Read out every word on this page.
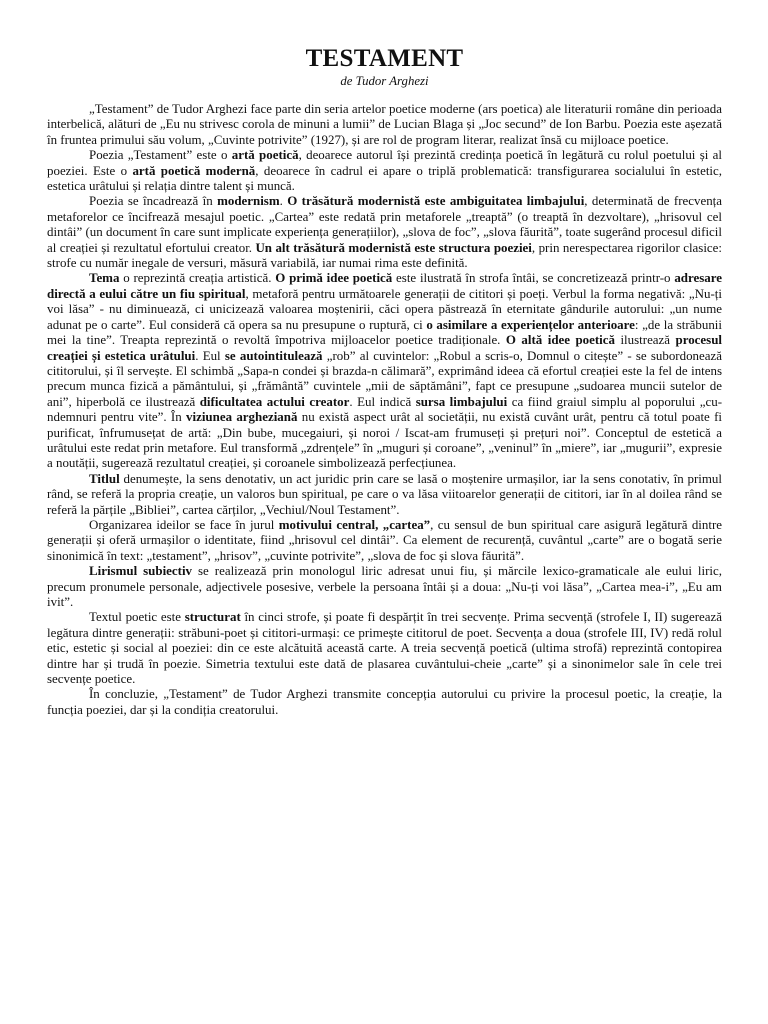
TESTAMENT
de Tudor Arghezi

„Testament” de Tudor Arghezi face parte din seria artelor poetice moderne (ars poetica) ale literaturii române din perioada interbelică, alături de „Eu nu strivesc corola de minuni a lumii” de Lucian Blaga și „Joc secund” de Ion Barbu. Poezia este așezată în fruntea primului său volum, „Cuvinte potrivite” (1927), și are rol de program literar, realizat însă cu mijloace poetice.

Poezia „Testament” este o artă poetică, deoarece autorul își prezintă credința poetică în legătură cu rolul poetului și al poeziei. Este o artă poetică modernă, deoarece în cadrul ei apare o triplă problematică: transfigurarea socialului în estetic, estetica urâtului și relația dintre talent și muncă.

Poezia se încadrează în modernism. O trăsătură modernistă este ambiguitatea limbajului, determinată de frecvența metaforelor ce încifrează mesajul poetic. „Cartea” este redată prin metaforele „treaptă” (o treaptă în dezvoltare), „hrisovul cel dintâi” (un document în care sunt implicate experiența generațiilor), „slova de foc”, „slova făurită”, toate sugerând procesul dificil al creației și rezultatul efortului creator. Un alt trăsătură modernistă este structura poeziei, prin nerespectarea rigorilor clasice: strofe cu număr inegale de versuri, măsură variabilă, iar numai rima este definită.

Tema o reprezintă creația artistică. O primă idee poetică este ilustrată în strofa întâi, se concretizează printr-o adresare directă a eului către un fiu spiritual, metaforă pentru următoarele generații de cititori și poeți. Verbul la forma negativă: „Nu-ți voi lăsa” - nu diminuează, ci unicizează valoarea moștenirii, căci opera păstrează în eternitate gândurile autorului: „un nume adunat pe o carte”. Eul consideră că opera sa nu presupune o ruptură, ci o asimilare a experiențelor anterioare: „de la străbunii mei la tine”. Treapta reprezintă o revoltă împotriva mijloacelor poetice tradiționale. O altă idee poetică ilustrează procesul creației și estetica urâtului. Eul se autointitulează „rob” al cuvintelor: „Robul a scris-o, Domnul o citește” - se subordonează cititorului, și îl servește. El schimbă „Sapa-n condei și brazda-n călimară”, exprimând ideea că efortul creației este la fel de intens precum munca fizică a pământului, și „frământă” cuvintele „mii de săptămâni”, fapt ce presupune „sudoarea muncii sutelor de ani”, hiperbolă ce ilustrează dificultatea actului creator. Eul indică sursa limbajului ca fiind graiul simplu al poporului „cu-ndemnuri pentru vite”. În viziunea argheziană nu există aspect urât al societății, nu există cuvânt urât, pentru că totul poate fi purificat, înfrumusețat de artă: „Din bube, mucegaiuri, și noroi / Iscat-am frumuseți și prețuri noi”. Conceptul de estetică a urâtului este redat prin metafore. Eul transformă „zdrențele” în „muguri și coroane”, „veninul” în „miere”, iar „mugurii”, expresie a noutății, sugerează rezultatul creației, și coroanele simbolizează perfecțiunea.

Titlul denumește, la sens denotativ, un act juridic prin care se lasă o moștenire urmașilor, iar la sens conotativ, în primul rând, se referă la propria creație, un valoros bun spiritual, pe care o va lăsa viitoarelor generații de cititori, iar în al doilea rând se referă la părțile „Bibliei”, cartea cărților, „Vechiul/Noul Testament”.

Organizarea ideilor se face în jurul motivului central, „cartea”, cu sensul de bun spiritual care asigură legătură dintre generații și oferă urmașilor o identitate, fiind „hrisovul cel dintâi”. Ca element de recurență, cuvântul „carte” are o bogată serie sinonimică în text: „testament”, „hrisov”, „cuvinte potrivite”, „slova de foc și slova făurită”.

Lirismul subiectiv se realizează prin monologul liric adresat unui fiu, și mărcile lexico-gramaticale ale eului liric, precum pronumele personale, adjectivele posesive, verbele la persoana întâi și a doua: „Nu-ți voi lăsa”, „Cartea mea-i”, „Eu am ivit”.

Textul poetic este structurat în cinci strofe, și poate fi despărțit în trei secvențe. Prima secvență (strofele I, II) sugerează legătura dintre generații: străbuni-poet și cititori-urmași: ce primește cititorul de poet. Secvența a doua (strofele III, IV) redă rolul etic, estetic și social al poeziei: din ce este alcătuită această carte. A treia secvență poetică (ultima strofă) reprezintă contopirea dintre har și trudă în poezie. Simetria textului este dată de plasarea cuvântului-cheie „carte” și a sinonimelor sale în cele trei secvențe poetice.

În concluzie, „Testament” de Tudor Arghezi transmite concepția autorului cu privire la procesul poetic, la creație, la funcția poeziei, dar și la condiția creatorului.
